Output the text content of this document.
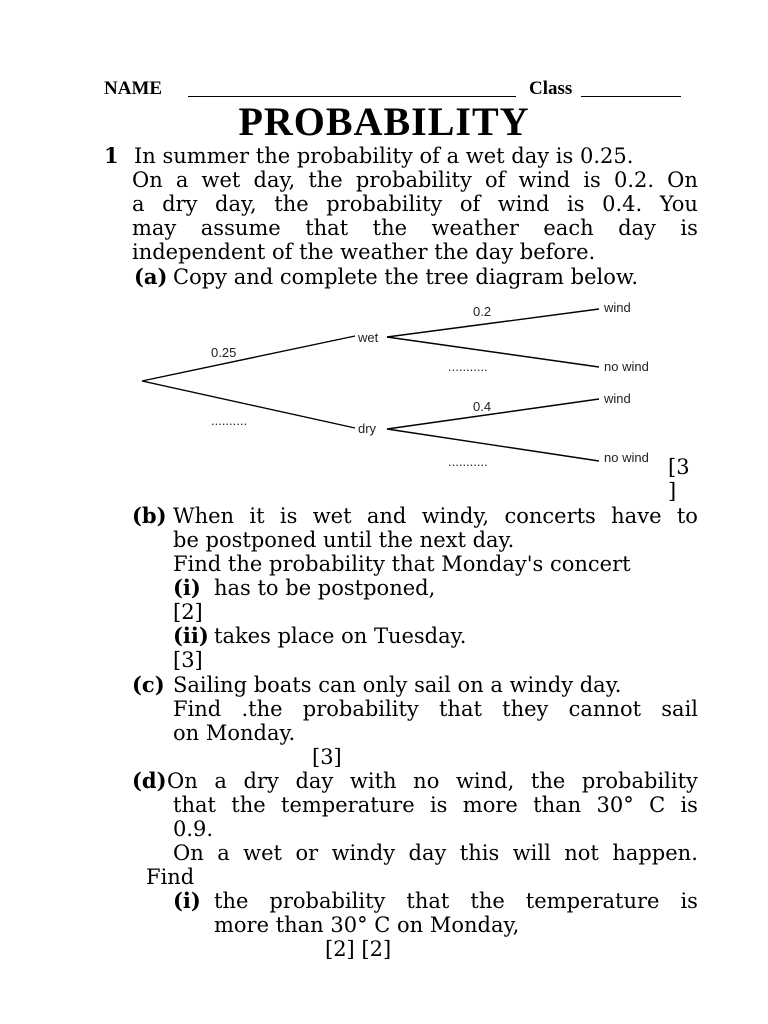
NAME	Class
PROBABILITY
1 In summer the probability of a wet day is 0.25.
On a wet day, the probability of wind is 0.2. On
a dry day, the probability of wind is 0.4. You
may assume that the weather each day is
independent of the weather the day before.
(a) Copy and complete the tree diagram below.
0.25
..........
wet
dry
0.2
...........
0.4
...........
wind
no wind
wind
no wind [3
]
(b) When it is wet and windy, concerts have to
be postponed until the next day.
Find the probability that Monday's concert
(i) has to be postponed,
[2]
(ii) takes place on Tuesday.
[3]
(c) Sailing boats can only sail on a windy day.
Find .the probability that they cannot sail
on Monday.
[3]
(d) On a dry day with no wind, the probability
that the temperature is more than 30° C is
0.9.
On a wet or windy day this will not happen.
Find
(i) the probability that the temperature is
more than 30° C on Monday,
[2] [2]
